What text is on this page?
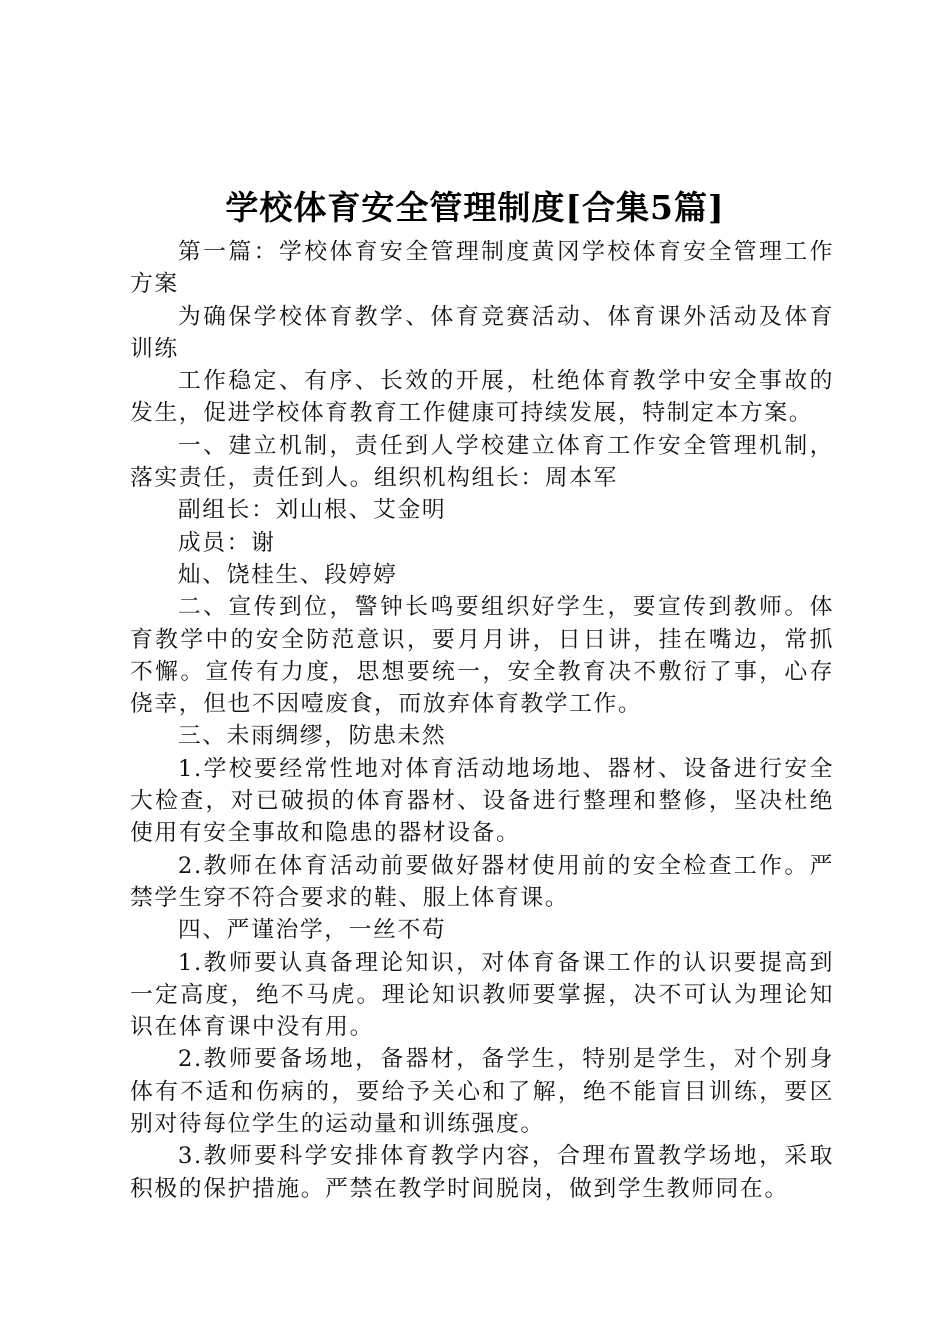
学校体育安全管理制度[合集5篇]

第一篇：学校体育安全管理制度黄冈学校体育安全管理工作方案

为确保学校体育教学、体育竞赛活动、体育课外活动及体育训练

工作稳定、有序、长效的开展，杜绝体育教学中安全事故的发生，促进学校体育教育工作健康可持续发展，特制定本方案。

一、建立机制，责任到人学校建立体育工作安全管理机制，落实责任，责任到人。组织机构组长：周本军

副组长：刘山根、艾金明

成员：谢

灿、饶桂生、段婷婷

二、宣传到位，警钟长鸣要组织好学生，要宣传到教师。体育教学中的安全防范意识，要月月讲，日日讲，挂在嘴边，常抓不懈。宣传有力度，思想要统一，安全教育决不敷衍了事，心存侥幸，但也不因噎废食，而放弃体育教学工作。

三、未雨绸缪，防患未然

1.学校要经常性地对体育活动地场地、器材、设备进行安全大检查，对已破损的体育器材、设备进行整理和整修，坚决杜绝使用有安全事故和隐患的器材设备。

2.教师在体育活动前要做好器材使用前的安全检查工作。严禁学生穿不符合要求的鞋、服上体育课。

四、严谨治学，一丝不苟

1.教师要认真备理论知识，对体育备课工作的认识要提高到一定高度，绝不马虎。理论知识教师要掌握，决不可认为理论知识在体育课中没有用。

2.教师要备场地，备器材，备学生，特别是学生，对个别身体有不适和伤病的，要给予关心和了解，绝不能盲目训练，要区别对待每位学生的运动量和训练强度。

3.教师要科学安排体育教学内容，合理布置教学场地，采取积极的保护措施。严禁在教学时间脱岗，做到学生教师同在。
